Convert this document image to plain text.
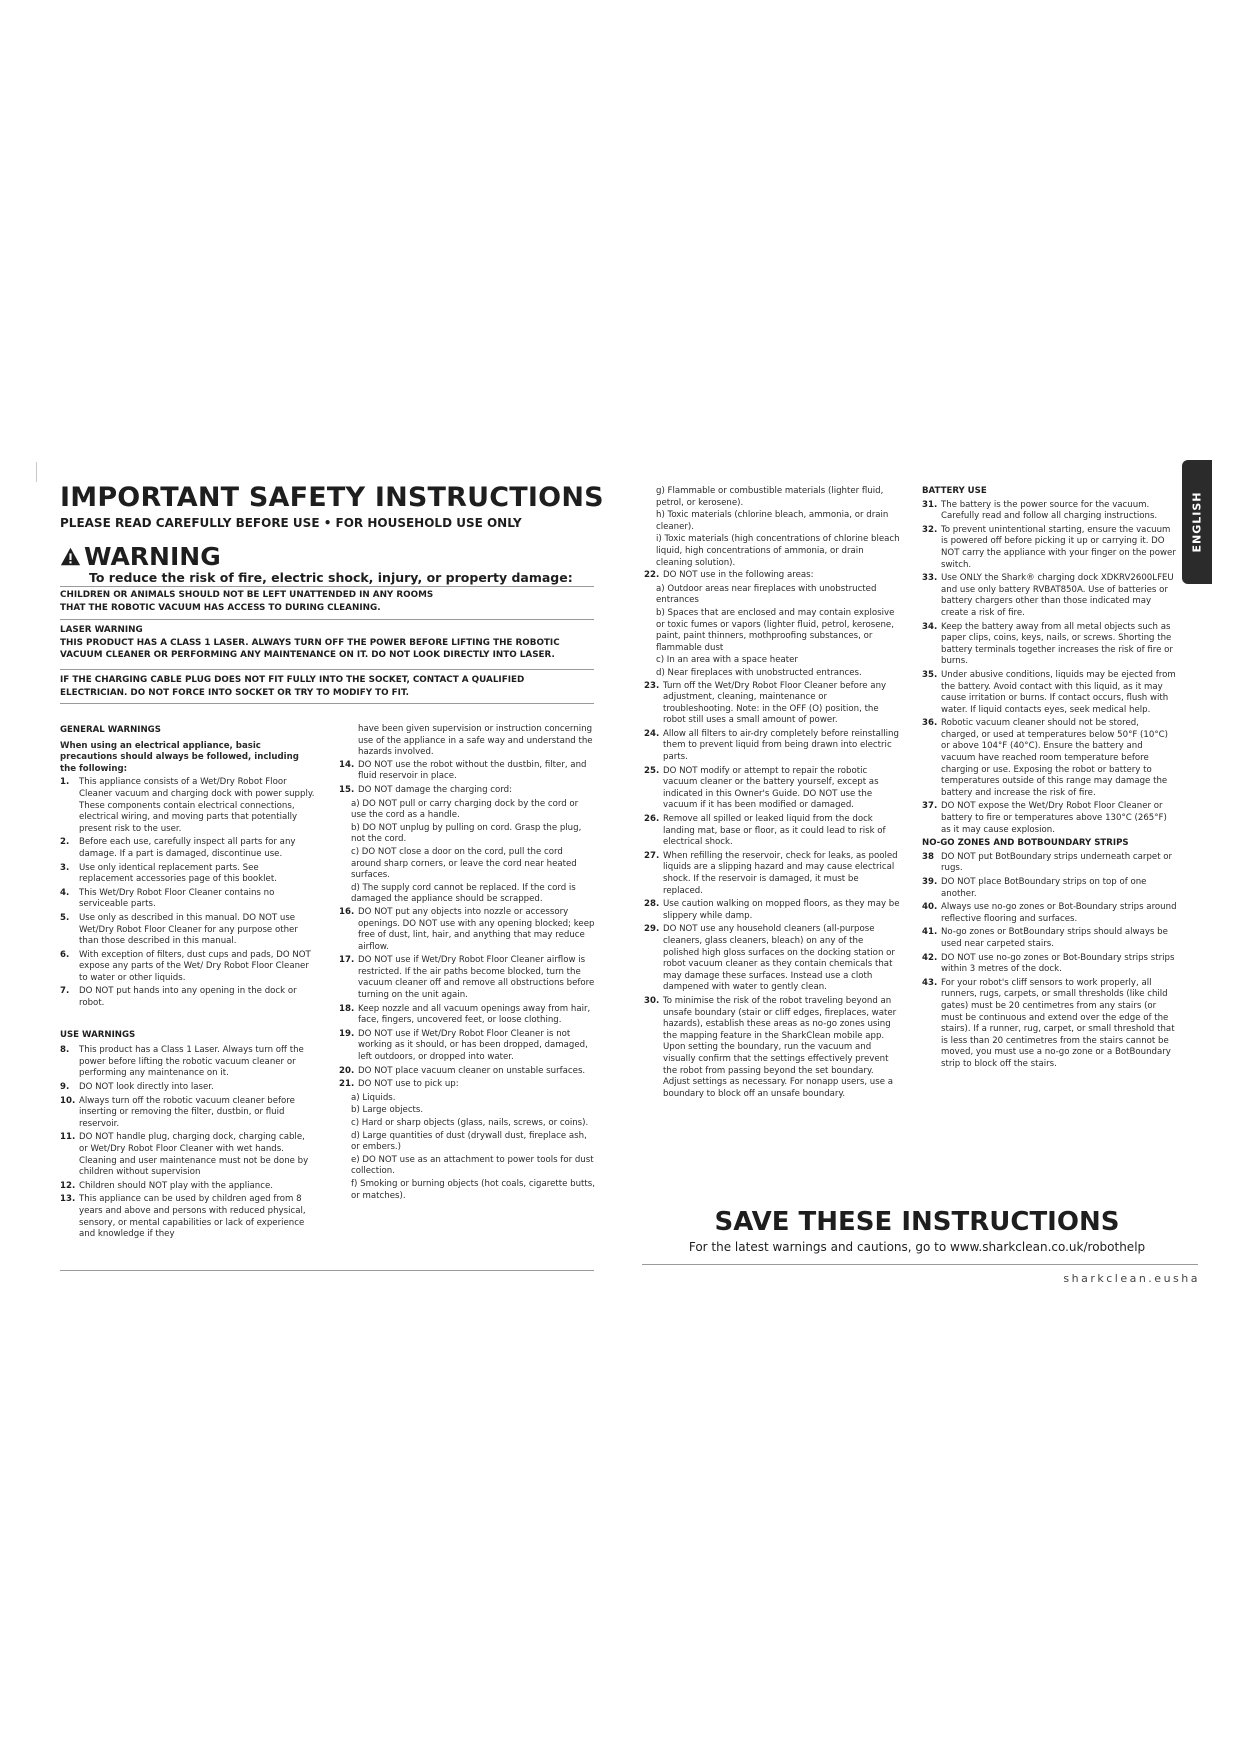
IMPORTANT SAFETY INSTRUCTIONS
PLEASE READ CAREFULLY BEFORE USE • FOR HOUSEHOLD USE ONLY
WARNING
To reduce the risk of fire, electric shock, injury, or property damage:
CHILDREN OR ANIMALS SHOULD NOT BE LEFT UNATTENDED IN ANY ROOMS
THAT THE ROBOTIC VACUUM HAS ACCESS TO DURING CLEANING.
LASER WARNING
THIS PRODUCT HAS A CLASS 1 LASER. ALWAYS TURN OFF THE POWER BEFORE LIFTING THE ROBOTIC
VACUUM CLEANER OR PERFORMING ANY MAINTENANCE ON IT. DO NOT LOOK DIRECTLY INTO LASER.
IF THE CHARGING CABLE PLUG DOES NOT FIT FULLY INTO THE SOCKET, CONTACT A QUALIFIED
ELECTRICIAN. DO NOT FORCE INTO SOCKET OR TRY TO MODIFY TO FIT.
GENERAL WARNINGS
When using an electrical appliance, basic precautions should always be followed, including the following:
1.	This appliance consists of a Wet/Dry Robot Floor Cleaner vacuum and charging dock with power supply. These components contain electrical connections, electrical wiring, and moving parts that potentially present risk to the user.
2.	Before each use, carefully inspect all parts for any damage. If a part is damaged, discontinue use.
3.	Use only identical replacement parts. See replacement accessories page of this booklet.
4.	This Wet/Dry Robot Floor Cleaner contains no serviceable parts.
5.	Use only as described in this manual. DO NOT use Wet/Dry Robot Floor Cleaner for any purpose other than those described in this manual.
6.	With exception of filters, dust cups and pads, DO NOT expose any parts of the Wet/ Dry Robot Floor Cleaner to water or other liquids.
7.	DO NOT put hands into any opening in the dock or robot.
USE WARNINGS
8.	This product has a Class 1 Laser. Always turn off the power before lifting the robotic vacuum cleaner or performing any maintenance on it.
9.	DO NOT look directly into laser.
10. Always turn off the robotic vacuum cleaner before inserting or removing the filter, dustbin, or fluid reservoir.
11. DO NOT handle plug, charging dock, charging cable, or Wet/Dry Robot Floor Cleaner with wet hands. Cleaning and user maintenance must not be done by children without supervision
12. Children should NOT play with the appliance.
13. This appliance can be used by children aged from 8 years and above and persons with reduced physical, sensory, or mental capabilities or lack of experience and knowledge if they
have been given supervision or instruction concerning use of the appliance in a safe way and understand the hazards involved.
14. DO NOT use the robot without the dustbin, filter, and fluid reservoir in place.
15. DO NOT damage the charging cord:
a) DO NOT pull or carry charging dock by the cord or use the cord as a handle.
b) DO NOT unplug by pulling on cord. Grasp the plug, not the cord.
c) DO NOT close a door on the cord, pull the cord around sharp corners, or leave the cord near heated surfaces.
d) The supply cord cannot be replaced. If the cord is damaged the appliance should be scrapped.
16. DO NOT put any objects into nozzle or accessory openings. DO NOT use with any opening blocked; keep free of dust, lint, hair, and anything that may reduce airflow.
17. DO NOT use if Wet/Dry Robot Floor Cleaner airflow is restricted. If the air paths become blocked, turn the vacuum cleaner off and remove all obstructions before turning on the unit again.
18. Keep nozzle and all vacuum openings away from hair, face, fingers, uncovered feet, or loose clothing.
19. DO NOT use if Wet/Dry Robot Floor Cleaner is not working as it should, or has been dropped, damaged, left outdoors, or dropped into water.
20. DO NOT place vacuum cleaner on unstable surfaces.
21. DO NOT use to pick up:
a) Liquids.
b) Large objects.
c) Hard or sharp objects (glass, nails, screws, or coins).
d) Large quantities of dust (drywall dust, fireplace ash, or embers.)
e) DO NOT use as an attachment to power tools for dust collection.
f) Smoking or burning objects (hot coals, cigarette butts, or matches).
g) Flammable or combustible materials (lighter fluid, petrol, or kerosene).
h) Toxic materials (chlorine bleach, ammonia, or drain cleaner).
i) Toxic materials (high concentrations of chlorine bleach liquid, high concentrations of ammonia, or drain cleaning solution).
22. DO NOT use in the following areas:
a) Outdoor areas near fireplaces with unobstructed entrances
b) Spaces that are enclosed and may contain explosive or toxic fumes or vapors (lighter fluid, petrol, kerosene, paint, paint thinners, mothproofing substances, or flammable dust
c) In an area with a space heater
d) Near fireplaces with unobstructed entrances.
23. Turn off the Wet/Dry Robot Floor Cleaner before any adjustment, cleaning, maintenance or troubleshooting. Note: in the OFF (O) position, the robot still uses a small amount of power.
24. Allow all filters to air-dry completely before reinstalling them to prevent liquid from being drawn into electric parts.
25. DO NOT modify or attempt to repair the robotic vacuum cleaner or the battery yourself, except as indicated in this Owner's Guide. DO NOT use the vacuum if it has been modified or damaged.
26. Remove all spilled or leaked liquid from the dock landing mat, base or floor, as it could lead to risk of electrical shock.
27. When refilling the reservoir, check for leaks, as pooled liquids are a slipping hazard and may cause electrical shock. If the reservoir is damaged, it must be replaced.
28. Use caution walking on mopped floors, as they may be slippery while damp.
29. DO NOT use any household cleaners (all-purpose cleaners, glass cleaners, bleach) on any of the polished high gloss surfaces on the docking station or robot vacuum cleaner as they contain chemicals that may damage these surfaces. Instead use a cloth dampened with water to gently clean.
30. To minimise the risk of the robot traveling beyond an unsafe boundary (stair or cliff edges, fireplaces, water hazards), establish these areas as no-go zones using the mapping feature in the SharkClean mobile app. Upon setting the boundary, run the vacuum and visually confirm that the settings effectively prevent the robot from passing beyond the set boundary. Adjust settings as necessary. For nonapp users, use a boundary to block off an unsafe boundary.
BATTERY USE
31. The battery is the power source for the vacuum. Carefully read and follow all charging instructions.
32. To prevent unintentional starting, ensure the vacuum is powered off before picking it up or carrying it. DO NOT carry the appliance with your finger on the power switch.
33. Use ONLY the Shark® charging dock XDKRV2600LFEU and use only battery RVBAT850A. Use of batteries or battery chargers other than those indicated may create a risk of fire.
34. Keep the battery away from all metal objects such as paper clips, coins, keys, nails, or screws. Shorting the battery terminals together increases the risk of fire or burns.
35. Under abusive conditions, liquids may be ejected from the battery. Avoid contact with this liquid, as it may cause irritation or burns. If contact occurs, flush with water. If liquid contacts eyes, seek medical help.
36. Robotic vacuum cleaner should not be stored, charged, or used at temperatures below 50°F (10°C) or above 104°F (40°C). Ensure the battery and vacuum have reached room temperature before charging or use. Exposing the robot or battery to temperatures outside of this range may damage the battery and increase the risk of fire.
37. DO NOT expose the Wet/Dry Robot Floor Cleaner or battery to fire or temperatures above 130°C (265°F) as it may cause explosion.
NO-GO ZONES AND BOTBOUNDARY STRIPS
38 DO NOT put BotBoundary strips underneath carpet or rugs.
39. DO NOT place BotBoundary strips on top of one another.
40. Always use no-go zones or Bot-Boundary strips around reflective flooring and surfaces.
41. No-go zones or BotBoundary strips should always be used near carpeted stairs.
42. DO NOT use no-go zones or Bot-Boundary strips strips within 3 metres of the dock.
43. For your robot's cliff sensors to work properly, all runners, rugs, carpets, or small thresholds (like child gates) must be 20 centimetres from any stairs (or must be continuous and extend over the edge of the stairs). If a runner, rug, carpet, or small threshold that is less than 20 centimetres from the stairs cannot be moved, you must use a no-go zone or a BotBoundary strip to block off the stairs.
ENGLISH
SAVE THESE INSTRUCTIONS
For the latest warnings and cautions, go to www.sharkclean.co.uk/robothelp
sharkclean.eusha
